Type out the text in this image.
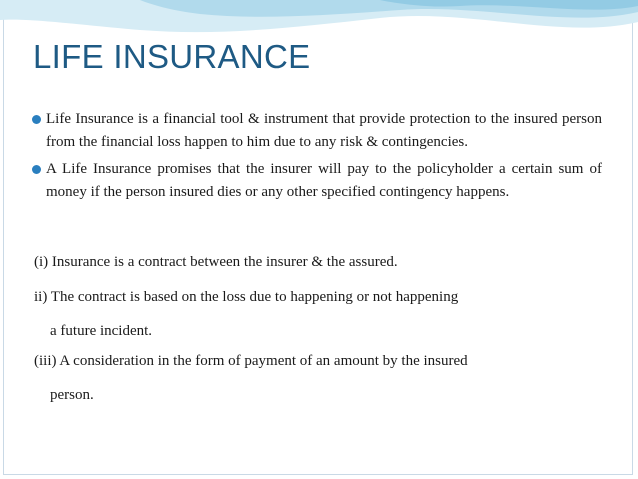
LIFE INSURANCE
Life Insurance is a financial tool & instrument that provide protection to the insured person from the financial loss happen to him due to any risk & contingencies.
A Life Insurance promises that the insurer will pay to the policyholder a certain sum of money if the person insured dies or any other specified contingency happens.

(i) Insurance is a contract between the insurer & the assured.

ii) The contract is based on the loss due to happening or not happening
a future incident.

(iii) A consideration in the form of payment of an amount by the insured
person.
